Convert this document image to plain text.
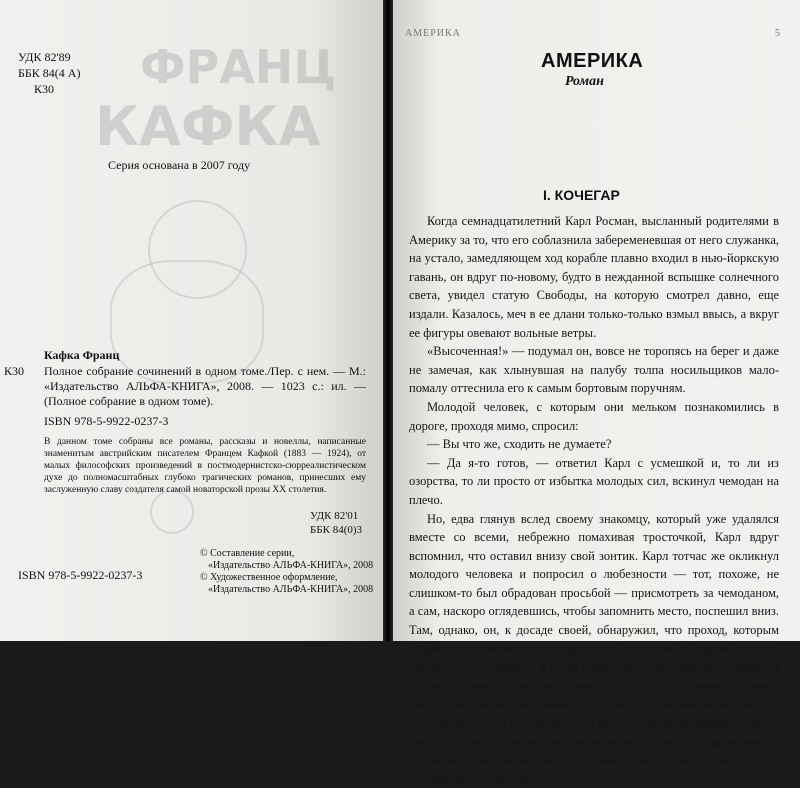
ФРАНЦ
КАФКА
УДК 82'89
ББК 84(4 А)
К30
Серия основана в 2007 году
Кафка Франц
К30 Полное собрание сочинений в одном томе./Пер. с нем. — М.: «Издательство АЛЬФА-КНИГА», 2008. — 1023 с.: ил. — (Полное собрание в одном томе).
ISBN 978-5-9922-0237-3
В данном томе собраны все романы, рассказы и новеллы, написанные знаменитым австрийским писателем Францем Кафкой (1883 — 1924), от малых философских произведений в постмодернистско-сюрреалистическом духе до полномасштабных глубоко трагических романов, принесших ему заслуженную славу создателя самой новаторской прозы XX столетия.
УДК 82'01
ББК 84(0)3
© Составление серии,
«Издательство АЛЬФА-КНИГА», 2008
© Художественное оформление,
«Издательство АЛЬФА-КНИГА», 2008
ISBN 978-5-9922-0237-3
АМЕРИКА	5
АМЕРИКА
Роман
I. КОЧЕГАР

Когда семнадцатилетний Карл Росман, высланный родителями в Америку за то, что его соблазнила забеременевшая от него служанка, на устало, замедляющем ход корабле плавно входил в нью-йоркскую гавань, он вдруг по-новому, будто в нежданной вспышке солнечного света, увидел статую Свободы, на которую смотрел давно, еще издали. Казалось, меч в ее длани только-только взмыл ввысь, а вкруг ее фигуры овевают вольные ветры.

«Высоченная!» — подумал он, вовсе не торопясь на берег и даже не замечая, как хлынувшая на палубу толпа носильщиков мало-помалу оттеснила его к самым бортовым поручням.

Молодой человек, с которым они мельком познакомились в дороге, проходя мимо, спросил:

— Вы что же, сходить не думаете?

— Да я-то готов, — ответил Карл с усмешкой и, то ли из озорства, то ли просто от избытка молодых сил, вскинул чемодан на плечо.

Но, едва глянув вслед своему знакомцу, который уже удалялся вместе со всеми, небрежно помахивая тросточкой, Карл вдруг вспомнил, что оставил внизу свой зонтик. Карл тотчас же окликнул молодого человека и попросил о любезности — тот, похоже, не слишком-то был обрадован просьбой — присмотреть за чемоданом, а сам, наскоро оглядевшись, чтобы запомнить место, поспешил вниз. Там, однако, он, к досаде своей, обнаружил, что проход, которым скорее всего можно было добраться, впервые за время поездки почему-то — очевидно, в связи с выгрузкой пассажиров — заперт, и в поисках другой дороги пустился плутать по лабиринту комнат, кают, залов, по бесконечным, к тому же петляющим коридорам, по лестницам, хотя и не длинным, но многочисленным, миновал чей-то пустой кабинет с покинутым письменным столом посредине, покуда не понял — ведь он и ходил-то по ним прежде этим путем всего раз или два, да и то всегда в
